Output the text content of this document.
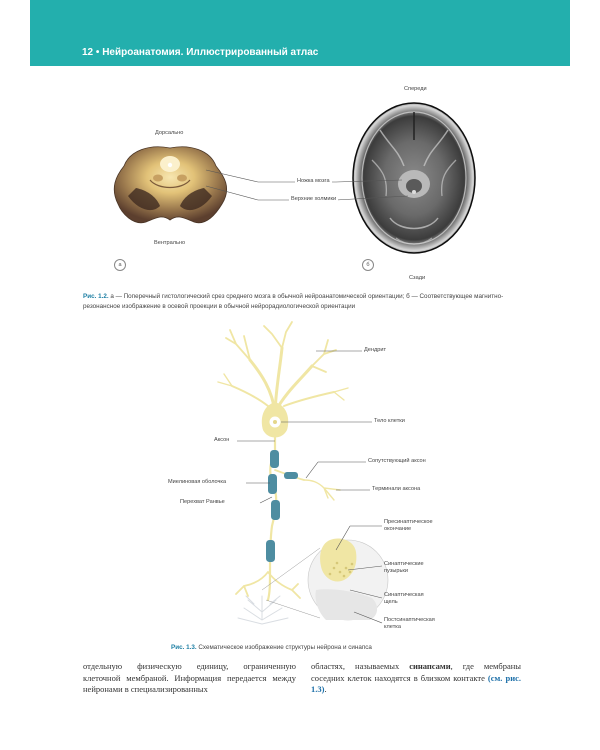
12 • Нейроанатомия. Иллюстрированный атлас
Дорсально
Вентрально
Спереди
Сзади
Ножка мозга
Верхние холмики
а	б
Рис. 1.2. а — Поперечный гистологический срез среднего мозга в обычной нейроанатомической ориентации; б — Соответствующее магнитно-резонансное изображение в осевой проекции в обычной нейрорадиологической ориентации
Дендрит
Тело клетки
Аксон
Сопутствующий аксон
Миелиновая оболочка
Терминали аксона
Перехват Ранвье
Пресинаптическое
окончание
Синаптические
пузырьки
Синаптическая
щель
Постсинаптическая
клетка
Рис. 1.3. Схематическое изображение структуры нейрона и синапса

отдельную физическую единицу, ограниченную клеточной мембраной. Информация передается между нейронами в специализированных

областях, называемых синапсами, где мембраны соседних клеток находятся в близком контакте (см. рис. 1.3).
